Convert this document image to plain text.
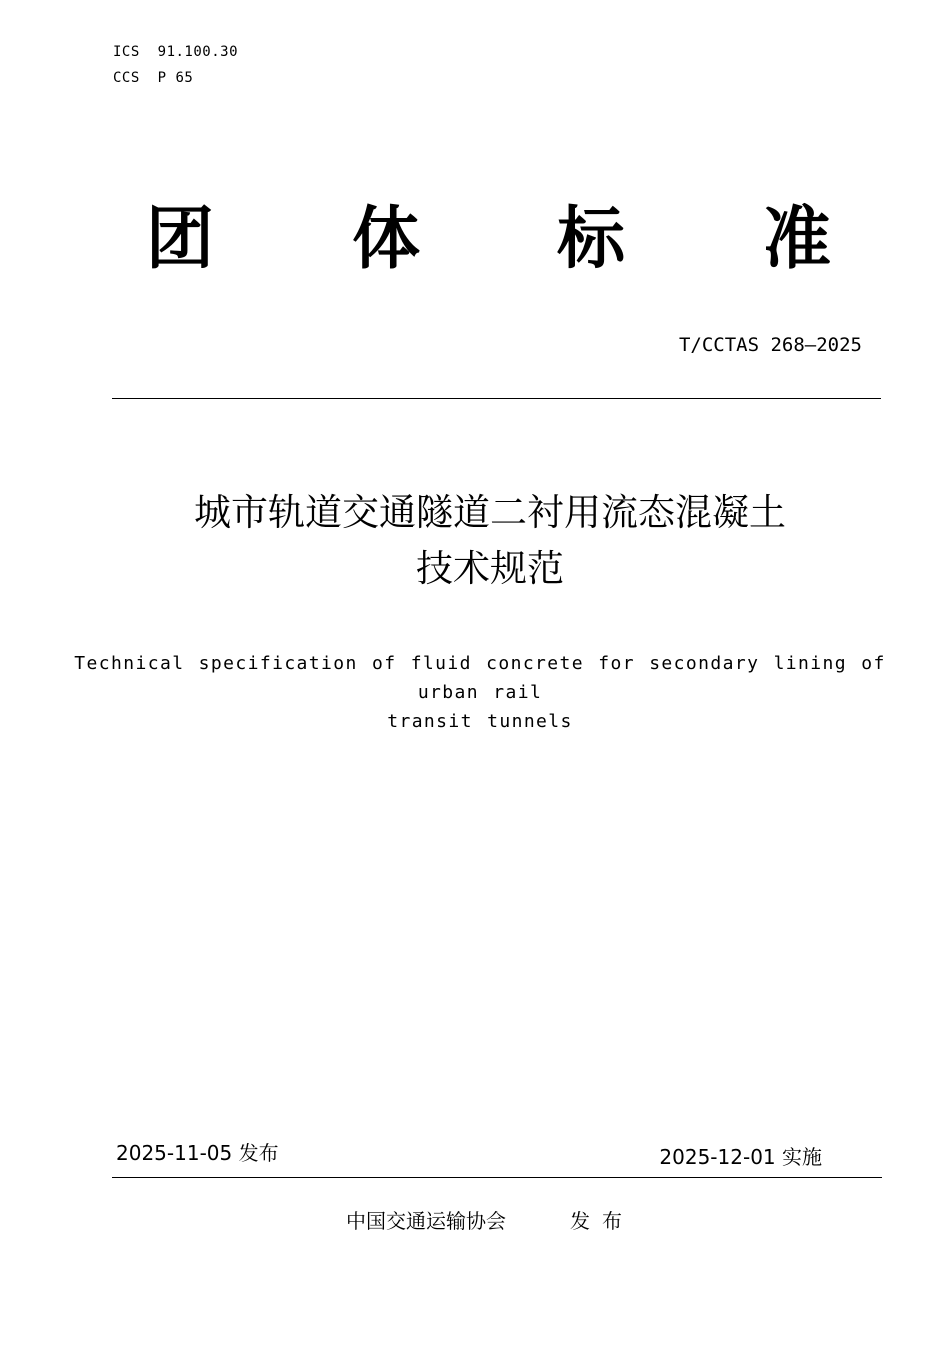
ICS  91.100.30
CCS  P 65
团 体 标 准
T/CCTAS 268—2025
城市轨道交通隧道二衬用流态混凝土
技术规范
Technical specification of fluid concrete for secondary lining of urban rail
transit tunnels
2025-11-05 发布	2025-12-01 实施
中国交通运输协会	发布
